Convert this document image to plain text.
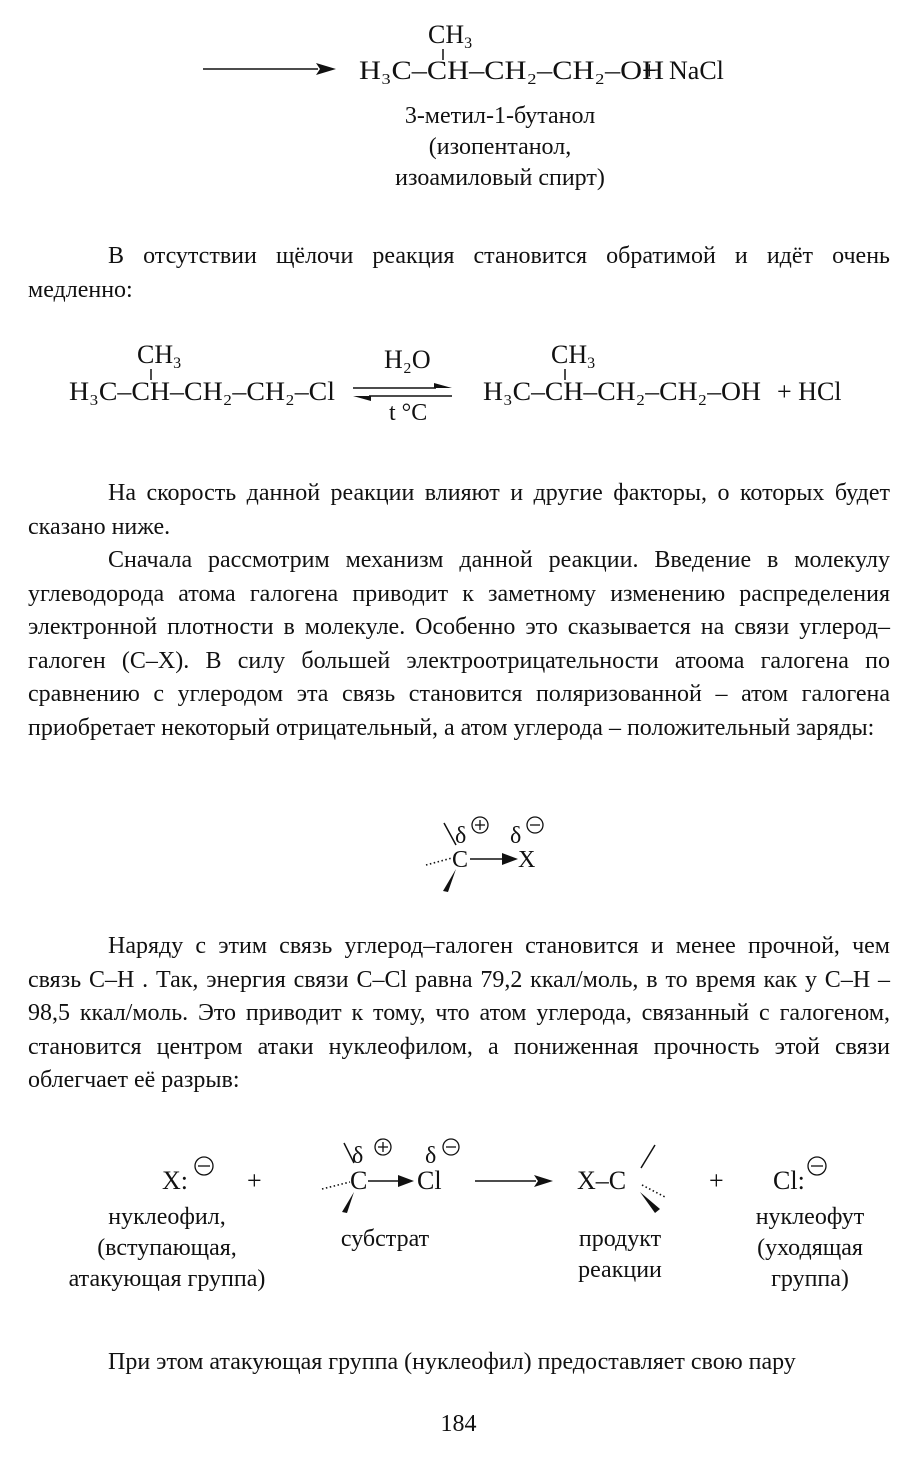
CH3
H₃C–CH–CH₂–CH₂–OH
+ NaCl
3-метил-1-бутанол
(изопентанол,
изоамиловый спирт)
В отсутствии щёлочи реакция становится обратимой и идёт очень медленно:
CH3
H₃C–CH–CH₂–CH₂–Cl
H₂O
t °C
CH3
H₃C–CH–CH₂–CH₂–OH + HCl
На скорость данной реакции влияют и другие факторы, о которых будет сказано ниже.
Сначала рассмотрим механизм данной реакции. Введение в молекулу углеводорода атома галогена приводит к заметному изменению распределения электронной плотности в молекуле. Особенно это сказывается на связи углерод–галоген (С–Х). В силу большей электроотрицательности атоома галогена по сравнению с углеродом эта связь становится поляризованной – атом галогена приобретает некоторый отрицательный, а атом углерода – положительный заряды:
δ δ
C X
Наряду с этим связь углерод–галоген становится и менее прочной, чем связь С–Н . Так, энергия связи С–Cl равна 79,2 ккал/моль, в то время как у С–Н – 98,5 ккал/моль. Это приводит к тому, что атом углерода, связанный с галогеном, становится центром атаки нуклеофилом, а пониженная прочность этой связи облегчает её разрыв:
X: +
δ	δ
C Cl	X–C	+ Cl:
нуклеофил,
(вступающая,
атакующая группа)
субстрат	продукт
реакции
нуклеофут
(уходящая
группа)
При этом атакующая группа (нуклеофил) предоставляет свою пару
184
